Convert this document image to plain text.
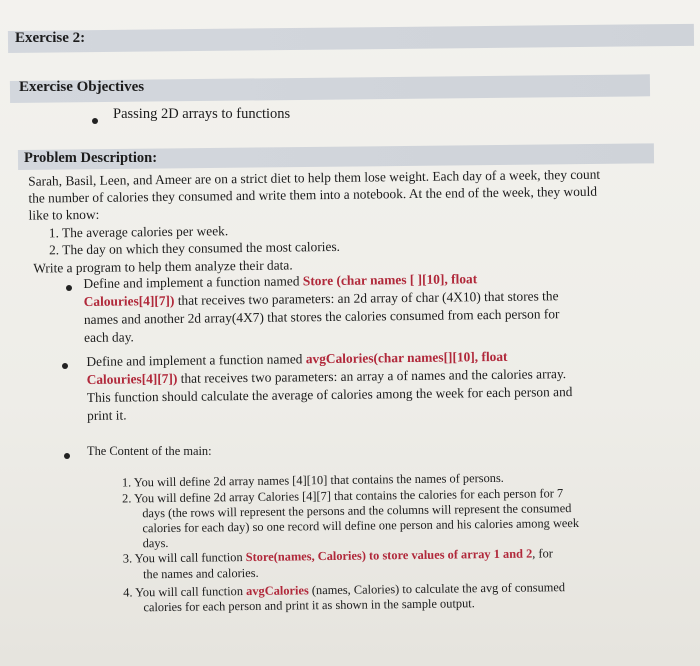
Exercise 2:
Exercise Objectives
Passing 2D arrays to functions
Problem Description:
Sarah, Basil, Leen, and Ameer are on a strict diet to help them lose weight. Each day of a week, they count
the number of calories they consumed and write them into a notebook. At the end of the week, they would
like to know:
1. The average calories per week.
2. The day on which they consumed the most calories.
Write a program to help them analyze their data.
Define and implement a function named Store (char names [ ][10], float
Calouries[4][7]) that receives two parameters: an 2d array of char (4X10) that stores the
names and another 2d array(4X7) that stores the calories consumed from each person for
each day.
Define and implement a function named avgCalories(char names[][10], float
Calouries[4][7]) that receives two parameters: an array a of names and the calories array.
This function should calculate the average of calories among the week for each person and
print it.
The Content of the main:
1. You will define 2d array names [4][10] that contains the names of persons.
2. You will define 2d array Calories [4][7] that contains the calories for each person for 7
days (the rows will represent the persons and the columns will represent the consumed
calories for each day) so one record will define one person and his calories among week
days.
3. You will call function Store(names, Calories) to store values of array 1 and 2, for
the names and calories.
4. You will call function avgCalories (names, Calories) to calculate the avg of consumed
calories for each person and print it as shown in the sample output.
